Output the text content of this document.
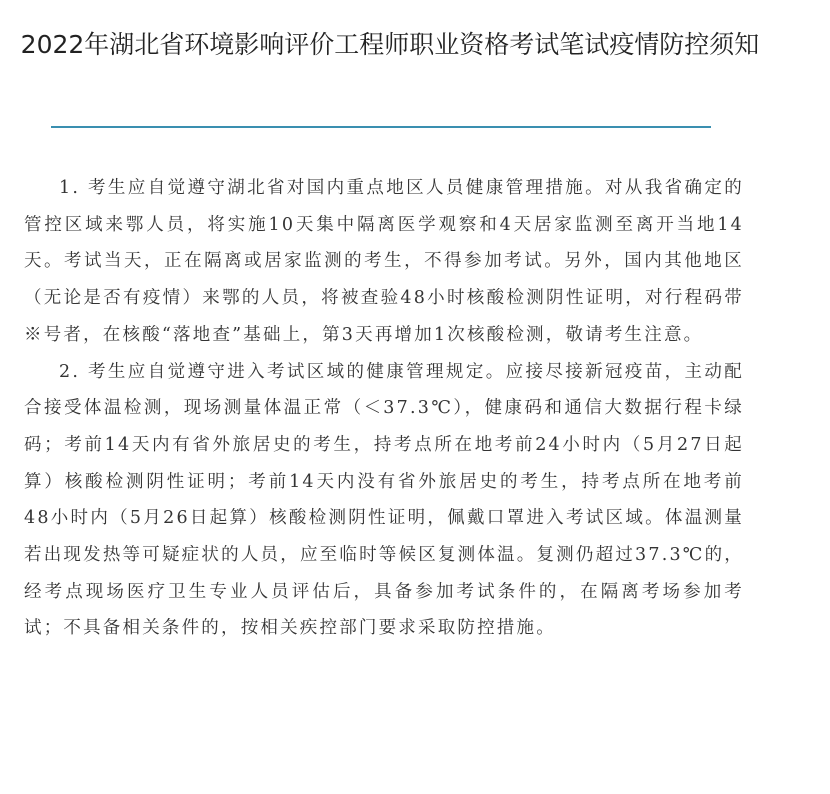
2022年湖北省环境影响评价工程师职业资格考试笔试疫情防控须知

1. 考生应自觉遵守湖北省对国内重点地区人员健康管理措施。对从我省确定的管控区域来鄂人员，将实施10天集中隔离医学观察和4天居家监测至离开当地14天。考试当天，正在隔离或居家监测的考生，不得参加考试。另外，国内其他地区（无论是否有疫情）来鄂的人员，将被查验48小时核酸检测阴性证明，对行程码带※号者，在核酸“落地查”基础上，第3天再增加1次核酸检测，敬请考生注意。

2. 考生应自觉遵守进入考试区域的健康管理规定。应接尽接新冠疫苗，主动配合接受体温检测，现场测量体温正常（＜37.3℃），健康码和通信大数据行程卡绿码；考前14天内有省外旅居史的考生，持考点所在地考前24小时内（5月27日起算）核酸检测阴性证明；考前14天内没有省外旅居史的考生，持考点所在地考前48小时内（5月26日起算）核酸检测阴性证明，佩戴口罩进入考试区域。体温测量若出现发热等可疑症状的人员，应至临时等候区复测体温。复测仍超过37.3℃的，经考点现场医疗卫生专业人员评估后，具备参加考试条件的，在隔离考场参加考试；不具备相关条件的，按相关疾控部门要求采取防控措施。
